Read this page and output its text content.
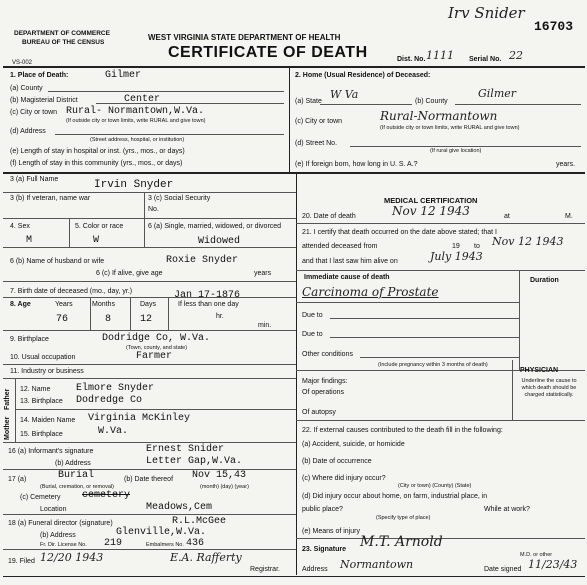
DEPARTMENT OF COMMERCE
BUREAU OF THE CENSUS
WEST VIRGINIA STATE DEPARTMENT OF HEALTH
CERTIFICATE OF DEATH
VS-002	Dist. No. 1111 Serial No. 22
16703
Irv Snider
1. Place of Death:	Gilmer
(a) County
(b) Magisterial District	Center
(c) City or town Rural- Normantown,W.Va.
(If outside city or town limits, write RURAL and give town)
(d) Address
(Street address, hospital, or institution)
(e) Length of stay in hospital or inst. (yrs., mos., or days)
(f) Length of stay in this community (yrs., mos., or days)
2. Home (Usual Residence) of Deceased:
(a) State
W Va
(b) County
Gilmer
(c) City or town	Rural-Normantown
(If outside city or town limits, write RURAL and give town)
(d) Street No.
(If rural give location)
(e) If foreign born, how long in U. S. A.?	years.
3 (a) Full Name	Irvin Snyder
3 (b) If veteran, name war	3 (c) Social Security
No.
4. Sex
M
5. Color or race
W
6 (a) Single, married, widowed, or divorced
Widowed
6 (b) Name of husband or wife	Roxie Snyder
6 (c) If alive, give age	years
7. Birth date of deceased (mo., day, yr.)	Jan 17-1876
8. Age	Years	Months	Days	If less than one day
76	8	12	hr.
min.
9. Birthplace	Dodridge Co, W.Va.
(Town, county, and state)
10. Usual occupation	Farmer
11. Industry or business
Father
Mother
12. Name	Elmore Snyder
13. Birthplace Dodredge Co
14. Maiden Name Virginia McKinley
15. Birthplace	W.Va.
16 (a) Informant's signature	Ernest Snider
(b) Address	Letter Gap,W.Va.
17 (a)	Burial
(Burial, cremation, or removal)
(b) Date thereof Nov 15,43
(month) (day) (year)
(c) Cemetery cemetery
Location	Meadows,Cem
18 (a) Funeral director (signature)	R.L.McGee
(b) Address	Glenville,W.Va.
Fr. Dir. License No. 219	Embalmers No. 436
19. Filed 12/20 1943	E.A. Rafferty
Registrar.
MEDICAL CERTIFICATION
20. Date of death	Nov 12 1943	at	M.
21. I certify that death occurred on the date above stated; that I
attended deceased from	19 to Nov 12 1943
and that I last saw him alive on	July 1943
Immediate cause of death	Duration
Carcinoma of Prostate
Due to
Due to
Other conditions
(Include pregnancy within 3 months of death)
Major findings:
Of operations
Of autopsy
PHYSICIAN
Underline the cause to which death should be charged statistically.
22. If external causes contributed to the death fill in the following:
(a) Accident, suicide, or homicide
(b) Date of occurrence
(c) Where did injury occur?
(City or town) (County) (State)
(d) Did injury occur about home, on farm, industrial place, in
public place?	While at work?
(Specify type of place)
(e) Means of injury
23. Signature M.T. Arnold
M.D. or other
Address Normantown	Date signed 11/23/43
